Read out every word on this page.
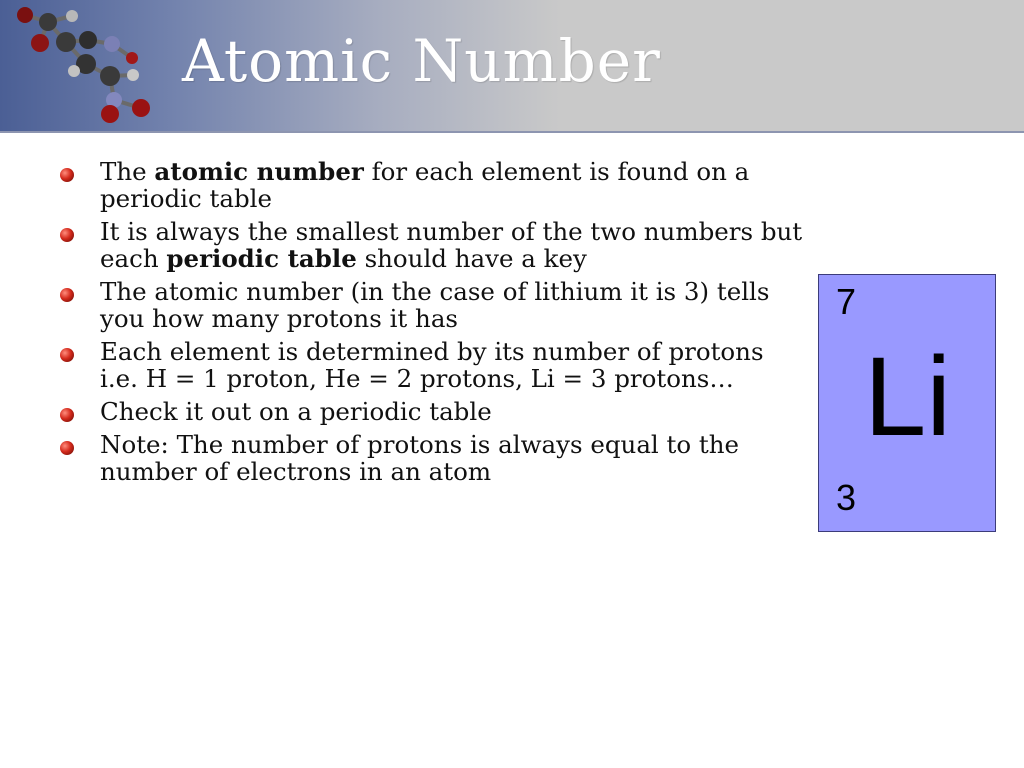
Atomic Number
The atomic number for each element is found on a periodic table
It is always the smallest number of the two numbers but each periodic table should have a key
The atomic number (in the case of lithium it is 3) tells you how many protons it has
Each element is determined by its number of protons i.e. H = 1 proton, He = 2 protons, Li = 3 protons…
Check it out on a periodic table
Note: The number of protons is always equal to the number of electrons in an atom
7
Li
3
